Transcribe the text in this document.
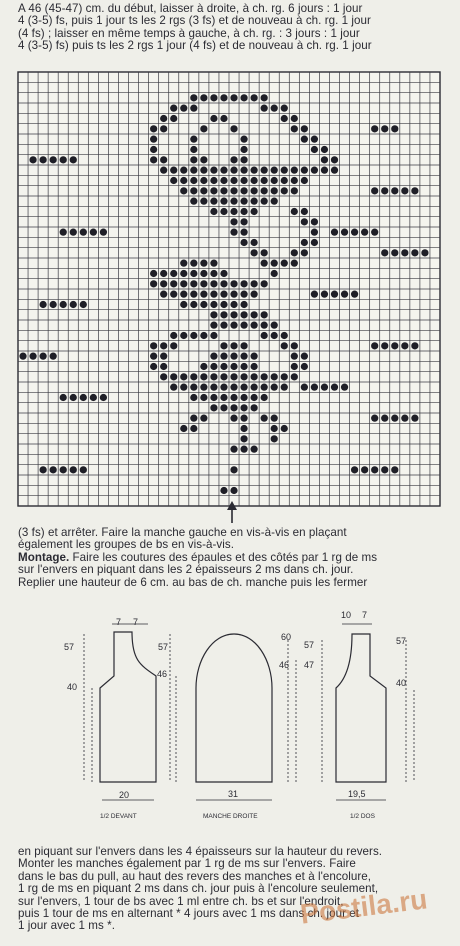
A 46 (45-47) cm. du début, laisser à droite, à ch. rg. 6 jours : 1 jour

4 (3-5) fs, puis 1 jour ts les 2 rgs (3 fs) et de nouveau à ch. rg. 1 jour

(4 fs) ; laisser en même temps à gauche, à ch. rg. : 3 jours : 1 jour

4 (3-5) fs) puis ts les 2 rgs 1 jour (4 fs) et de nouveau à ch. rg. 1 jour

7 7
57
40
57
46
20
1/2 DEVANT
60
46
57
47
31
MANCHE DROITE
10 7
57
40
19,5
1/2 DOS

(3 fs) et arrêter. Faire la manche gauche en vis-à-vis en plaçant

également les groupes de bs en vis-à-vis.

Montage. Faire les coutures des épaules et des côtés par 1 rg de ms

sur l'envers en piquant dans les 2 épaisseurs 2 ms dans ch. jour.

Replier une hauteur de 6 cm. au bas de ch. manche puis les fermer

en piquant sur l'envers dans les 4 épaisseurs sur la hauteur du revers.

Monter les manches également par 1 rg de ms sur l'envers. Faire

dans le bas du pull, au haut des revers des manches et à l'encolure,

1 rg de ms en piquant 2 ms dans ch. jour puis à l'encolure seulement,

sur l'envers, 1 tour de bs avec 1 ml entre ch. bs et sur l'endroit,

puis 1 tour de ms en alternant * 4 jours avec 1 ms dans ch. jour et

1 jour avec 1 ms *.	Postila.ru
